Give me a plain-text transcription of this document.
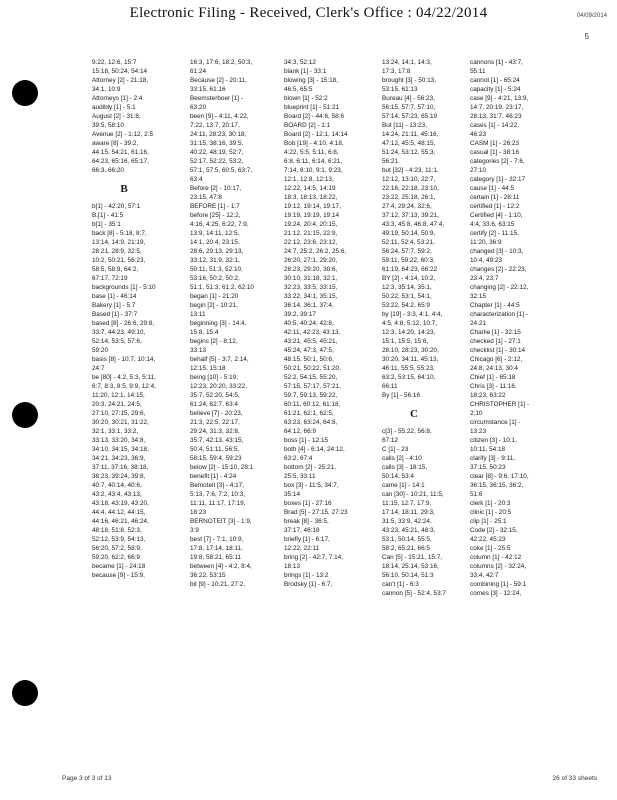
Electronic Filing - Received, Clerk's Office : 04/22/2014	04/09/2014
5

9:22, 12:6, 15:7

15:18, 50:24, 54:14

Attorney [2] - 21:18, 34:1, 10:9

Attorneys [1] - 2:4

audibly [1] - 5:1

August [2] - 31:8, 39:5, 58:10

Avenue [2] - 1:12, 2:5

aware [8] - 39:2, 44:15, 54:21, 61:16, 64:23, 65:16, 65:17, 66:3, 66:20

B

b[1] - 42:20, 57:1

B.[1] - 41:5

b[1] - 35:1

back [8] - 5:18, 8:7, 13:14, 14:9, 21:19, 28:21, 28:9, 32:5, 10:2, 50:21, 56:23, 58:5, 58:9, 64:2, 67:17, 72:19

backgrounds [1] - 5:10

base [1] - 46:14

Bakery [1] - 5:7

Based [1] - 37:7

based [8] - 26:6, 29:8, 33:7, 44:23, 49:10, 52:14, 53:5, 57:6, 59:20

basis [8] - 10:7, 10:14, 24:7

be [80] - 4:2, 5:3, 5:11, 6:7, 8:3, 8:5, 9:9, 12:4, 11:20, 12:1, 14:15, 20:3, 24:21, 24:5, 27:10, 27:15, 29:6, 30:20, 30:21, 31:22, 32:1, 33:1, 33:2, 33:13, 33:20, 34:8, 34:10, 34:15, 34:18, 34:21, 34:23, 36:9, 37:11, 37:16, 38:18, 38:23, 39:24, 39:8, 40:7, 40:14, 40:6, 43:2, 43:4, 43:13, 43:18, 43:19, 43:20, 44:4, 44:12, 44:15, 44:16, 46:21, 46:24, 48:18, 51:8, 52:3, 52:12, 53:9, 54:13, 56:20, 57:2, 58:9, 59:20, 62:2, 66:9

became [1] - 24:18

because [9] - 15:9,

16:3, 17:6, 18:2, 50:3, 61:24

Because [2] - 20:11, 33:15, 61:16

Beemsterboer [1] - 63:20

been [9] - 4:11, 4:22, 7:22, 13:7, 20:17, 24:11, 28:23, 30:18, 31:15, 38:16, 39:5, 40:22, 48:19, 52:7, 52:17, 52:22, 53:2, 57:1, 57:5, 60:5, 63:7, 63:4

Before [2] - 10:17, 23:15, 47:8

BEFORE [1] - 1:7

before [25] - 12:2, 4:16, 4:25, 6:22, 7:9, 13:9, 14:11, 12:5, 14:1, 20:4, 23:15, 28:6, 29:13, 29:13, 33:12, 31:9, 32:1, 50:11, 51:3, 52:10, 53:16, 50:2, 50:2, 51:1, 51:3, 61:2, 62:10

began [1] - 21:20

begin [2] - 10:21, 13:11

beginning [3] - 14:4, 15:8, 15:4

begins [2] - 8:12, 33:13

behalf [5] - 3:7, 2:14, 12:15, 15:18

being [10] - 5:19, 12:23, 20:20, 33:22, 35:7, 52:20, 54:5, 61:24, 62:7, 63:4

believe [7] - 20:23, 21:3, 22:5, 22:17, 29:24, 31:3, 32:8, 35:7, 42:13, 43:15, 50:4, 51:11, 56:5, 58:15, 59:4, 59:23

below [2] - 15:10, 28:1

benefit [1] - 4:24

Bemoteit [3] - 4:17, 5:13, 7:6, 7:2, 10:3, 11:11, 11:17, 17:19, 18:23

BERNOTEIT [3] - 1:9, 3:9

best [7] - 7:1, 10:9, 17:8, 17:14, 18:11, 19:8, 58:21, 65:11

between [4] - 4:2, 8:4, 36:22, 53:15

bit [9] - 10:21, 27:2,

34:3, 52:12

blank [1] - 33:1

blowing [3] - 15:18, 46:5, 65:5

blown [1] - 52:2

blueprint [1] - 51:21

Board [2] - 44:6, 58:6

BOARD [2] - 1:1

Board [2] - 12:1, 14:14

Bob [19] - 4:10, 4:18, 4:22, 5:5, 5:11, 6:8, 6:8, 6:11, 6:14, 6:21, 7:14, 8:10, 9:1, 9:23, 12:1, 12:8, 12:13, 12:22, 14:5, 14:19

18:3, 18:13, 18:22, 19:12, 19:14, 19:17, 19:19, 19:19, 19:14

19:24, 20:4, 20:15, 21:12, 21:15, 22:9, 22:12, 23:6, 23:12, 24:7, 25:2, 26:2, 25:6, 26:20, 27:1, 29:20, 28:23, 29:20, 30:6, 30:10, 31:18, 32:1, 32:23, 33:5, 33:15, 33:22, 34:1, 35:15, 36:14, 36:1, 37:4, 39:2, 39:17

40:5, 40:24, 42:8, 42:11, 42:23, 43:13, 43:21, 45:5, 45:21, 45:24, 47:3, 47:5, 48:15, 50:1, 50:6, 50:21, 50:22, 51:20, 52:2, 54:15, 55:20, 57:15, 57:17, 57:21, 59:7, 59:13, 59:22, 60:11, 60:12, 61:18, 61:21, 62:1, 62:5, 63:23, 63:24, 64:8, 64:12, 66:9

boss [1] - 12:15

both [4] - 6:14, 24:12, 63:2, 67:4

bottom [2] - 25:21, 25:5, 33:11

box [3] - 11:5, 34:7, 35:14

boxes [1] - 27:16

Brad [5] - 27:15, 27:23

break [8] - 36:5, 37:17, 46:18

briefly [1] - 6:17, 12:22, 22:11

bring [2] - 42:7, 7:14, 18:13

brings [1] - 13:2

Brodsky [1] - 6:7,

13:24, 14:1, 14:3, 17:3, 17:8

brought [3] - 50:13, 53:15, 61:13

Bureau [4] - 56:23, 56:15, 57:7, 57:10, 57:14, 57:23, 65:19

But [11] - 13:23, 14:24, 21:11, 45:16, 47:12, 45:5, 48:15, 51:24, 53:12, 55:3, 56:21

but [32] - 4:23, 11:1, 12:12, 13:10, 22:7, 22:16, 22:18, 23:10, 23:22, 25:18, 26:1, 27:4, 29:24, 32:6, 37:12, 37:13, 39:21, 43:3, 45:8, 46:8, 47:4, 49:19, 50:14, 50:9, 52:11, 52:4, 53:21, 56:24, 57:7, 59:2, 59:11, 59:22, 60:3, 61:19, 64:23, 66:22

BY [2] - 4:14, 10:2, 12:3, 35:14, 35:1, 50:22, 53:1, 54:1, 53:22, 54:2, 65:9

by [19] - 3:3, 4:1, 4:4, 4:5, 4:8, 5:12, 10:7, 12:3, 14:20, 14:23, 15:1, 15:5, 15:6, 28:10, 28:23, 30:20, 30:20, 34:11, 45:13, 46:11, 55:5, 55:23, 63:2, 53:15, 64:10, 66:11

By [1] - 56:16

C

c[3] - 55:22, 56:8, 67:12

C [1] - 23

calls [2] - 4:10

calls [3] - 18:15, 50:14, 53:4

came [1] - 14:1

can [30] - 10:21, 11:5, 11:15, 12:7, 17:9, 17:14, 18:11, 29:3, 31:5, 33:9, 42:24, 43:23, 45:21, 48:3, 53:1, 50:14, 55:5, 58:2, 65:21, 66:5

Can [5] - 15:21, 15:7, 18:14, 25:14, 53:16, 56:10, 50:14, 51:3

can't [1] - 6:3

cannon [5] - 52:4, 53:7

cannons [1] - 43:7, 55:11

cannot [1] - 65:24

capacity [1] - 5:24

case [9] - 4:21, 13:9, 14:7, 20:19, 23:17, 28:13, 31:7, 46:23

cases [1] - 14:22, 46:23

CASM [1] - 26:23

casual [1] - 38:16

categories [2] - 7:6, 27:10

category [1] - 32:17

cause [1] - 44:5

certain [1] - 28:11

certified [1] - 12:2

Certified [4] - 1:10, 4:4, 33:6, 63:15

certify [2] - 11:15, 11:20, 36:9

changed [3] - 10:3, 10:4, 49:23

changes [2] - 22:23, 23:4, 23:7

changing [2] - 22:12, 32:15

Chapter [1] - 44:5

characterization [1] - 24:21

Charlie [1] - 32:15

checked [1] - 27:1

checklist [1] - 30:14

Chicago [6] - 2:12, 24:8, 24:13, 30:4

Chief [1] - 65:18

Chris [3] - 11:16, 18:23, 63:22

CHRISTOPHER [1] - 2:10

circumstance [1] - 13:23

citizen [3] - 10:1, 10:11, 54:18

clarify [3] - 9:11, 37:15, 50:23

clear [8] - 9:6, 17:10, 36:15, 36:15, 36:2, 51:6

clerk [1] - 20:3

clinic [1] - 20:5

clip [1] - 25:1

Code [2] - 32:15, 42:22, 45:23

coke [1] - 25:5

column [1] - 42:12

columns [2] - 32:24, 33:4, 42:7

combining [1] - 59:1

comes [3] - 12:24,

Page 3 of 3 of 13	26 of 33 sheets
